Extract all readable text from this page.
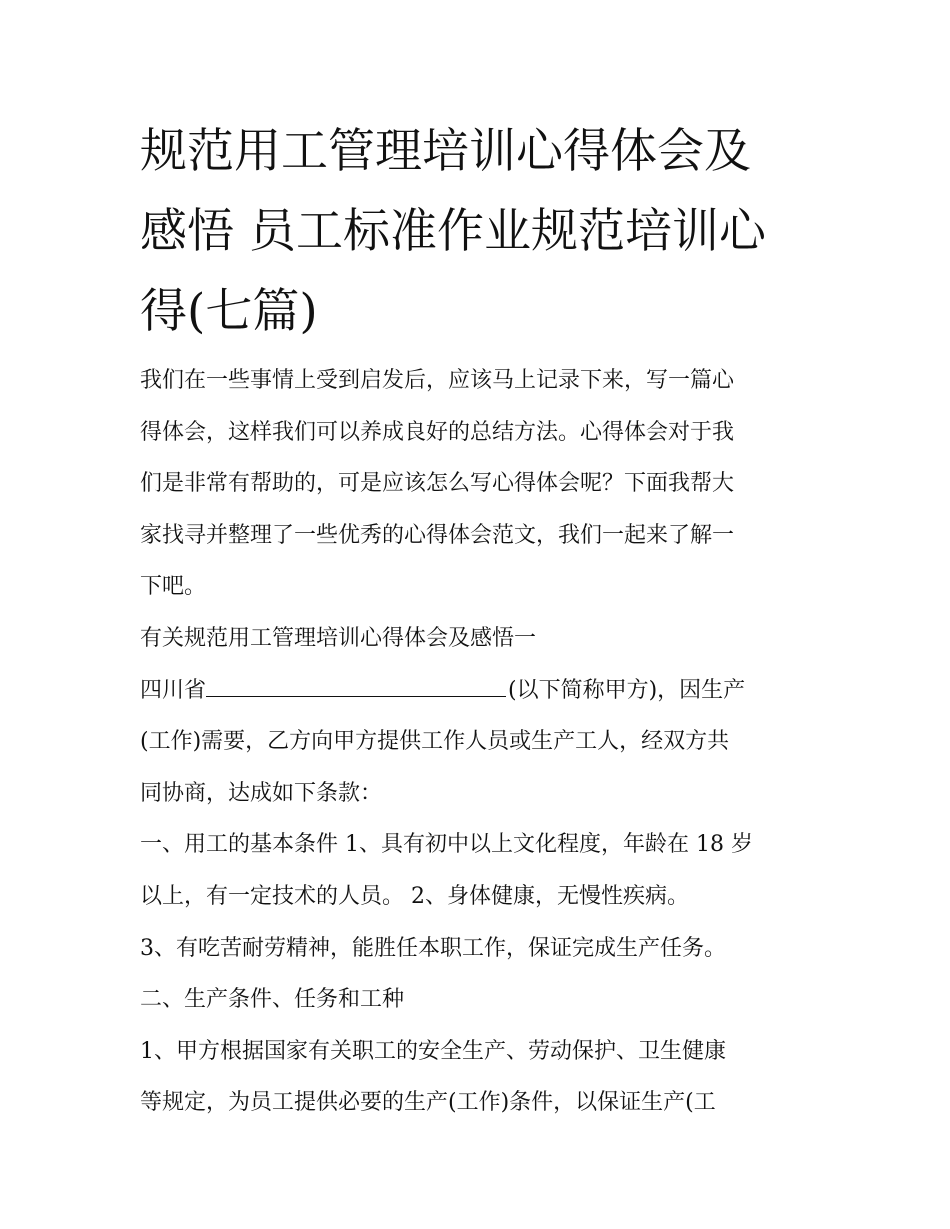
规范用工管理培训心得体会及
感悟 员工标准作业规范培训心
得(七篇)
我们在一些事情上受到启发后，应该马上记录下来，写一篇心
得体会，这样我们可以养成良好的总结方法。心得体会对于我
们是非常有帮助的，可是应该怎么写心得体会呢？下面我帮大
家找寻并整理了一些优秀的心得体会范文，我们一起来了解一
下吧。
有关规范用工管理培训心得体会及感悟一
四川省	(以下简称甲方)，因生产
(工作)需要，乙方向甲方提供工作人员或生产工人，经双方共
同协商，达成如下条款：
一、用工的基本条件 1、具有初中以上文化程度，年龄在 18 岁
以上，有一定技术的人员。 2、身体健康，无慢性疾病。
3、有吃苦耐劳精神，能胜任本职工作，保证完成生产任务。
二、生产条件、任务和工种
1、甲方根据国家有关职工的安全生产、劳动保护、卫生健康
等规定，为员工提供必要的生产(工作)条件，以保证生产(工
